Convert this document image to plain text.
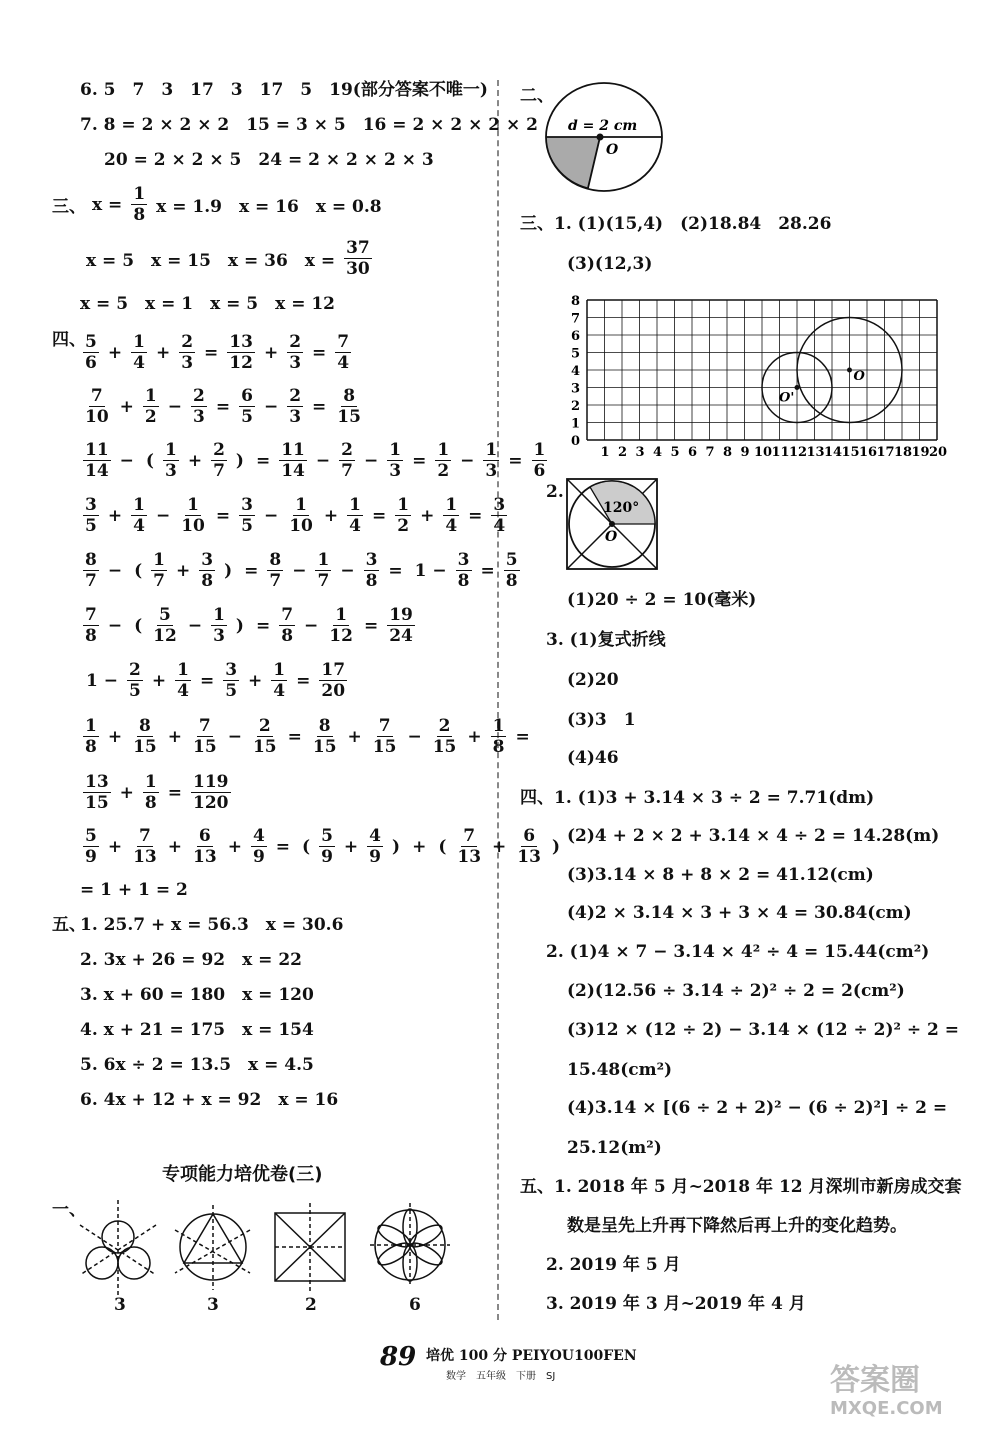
6. 5　7　3　17　3　17　5　19(部分答案不唯一)
7. 8 = 2 × 2 × 2　15 = 3 × 5　16 = 2 × 2 × 2 × 2
20 = 2 × 2 × 5　24 = 2 × 2 × 2 × 3
三、 $x = \frac{1}{8}$ x = 1.9　x = 16　x = 0.8
x = 5　x = 15　x = 36　$x = \frac{37}{30}$
x = 5　x = 1　x = 5　x = 12
5
6
+ $\frac{1}{4} + \frac{2}{3} = \frac{13}{12} + \frac{2}{3} = \frac{7}{4}$
7
10
+ $\frac{1}{2} - \frac{2}{3} = \frac{6}{5} - \frac{2}{3} = \frac{8}{15}$
11
14
− (
1
3
+ $\frac{2}{7}$ ) = $\frac{11}{14} - \frac{2}{7} - \frac{1}{3} = \frac{1}{2} - \frac{1}{3} = \frac{1}{6}$
3
5
+ $\frac{1}{4} - \frac{1}{10} = \frac{3}{5} - \frac{1}{10} + \frac{1}{4} = \frac{1}{2} + \frac{1}{4} = \frac{3}{4}$
8
7
− (
1
7
+ $\frac{3}{8}$ ) = $\frac{8}{7} - \frac{1}{7} - \frac{3}{8} = 1 - \frac{3}{8} = \frac{5}{8}$
7
8
− (
5
12
− $\frac{1}{3}$ ) = $\frac{7}{8} - \frac{1}{12} = \frac{19}{24}$
$1 - \frac{2}{5} + \frac{1}{4} = \frac{3}{5} + \frac{1}{4} = \frac{17}{20}$
1
8
+ $\frac{8}{15} + \frac{7}{15} - \frac{2}{15} = \frac{8}{15} + \frac{7}{15} - \frac{2}{15} + \frac{1}{8}$ =
13
15
+ $\frac{1}{8} = \frac{119}{120}$
5
9
+ $\frac{7}{13} + \frac{6}{13} + \frac{4}{9}$ = (
5
9
+ $\frac{4}{9}$ ) + (
7
13
+ $\frac{6}{13}$ )
四、
= 1 + 1 = 2
五、
1. 25.7 + x = 56.3　x = 30.6
2. 3x + 26 = 92　x = 22
3. x + 60 = 180　x = 120
4. x + 21 = 175　x = 154
5. 6x ÷ 2 = 13.5　x = 4.5
6. 4x + 12 + x = 92　x = 16
专项能力培优卷(三)
一、
3	3	2	6
二、
d = 2 cm
O
三、1. (1)(15,4)　(2)18.84　28.26
(3)(12,3)
8
7
6
5
4
3
2
1
0
1 2 3 4 5 6 7 8 9 10 11 12 13 14 15 16 17 18 19 20
O
O'
2.
120°
O
(1)20 ÷ 2 = 10(毫米)
3. (1)复式折线
(2)20
(3)3　1
(4)46
四、1. (1)3 + 3.14 × 3 ÷ 2 = 7.71(dm)
(2)4 + 2 × 2 + 3.14 × 4 ÷ 2 = 14.28(m)
(3)3.14 × 8 + 8 × 2 = 41.12(cm)
(4)2 × 3.14 × 3 + 3 × 4 = 30.84(cm)
2. (1)4 × 7 − 3.14 × 4² ÷ 4 = 15.44(cm²)
(2)(12.56 ÷ 3.14 ÷ 2)² ÷ 2 = 2(cm²)
(3)12 × (12 ÷ 2) − 3.14 × (12 ÷ 2)² ÷ 2 =
15.48(cm²)
(4)3.14 × [(6 ÷ 2 + 2)² − (6 ÷ 2)²] ÷ 2 =
25.12(m²)
五、1. 2018 年 5 月~2018 年 12 月深圳市新房成交套
数是呈先上升再下降然后再上升的变化趋势。
2. 2019 年 5 月
3. 2019 年 3 月~2019 年 4 月
89 培优 100 分 PEIYOU100FEN
数学　五年级　下册　SJ	答案圈
MXQE.COM
